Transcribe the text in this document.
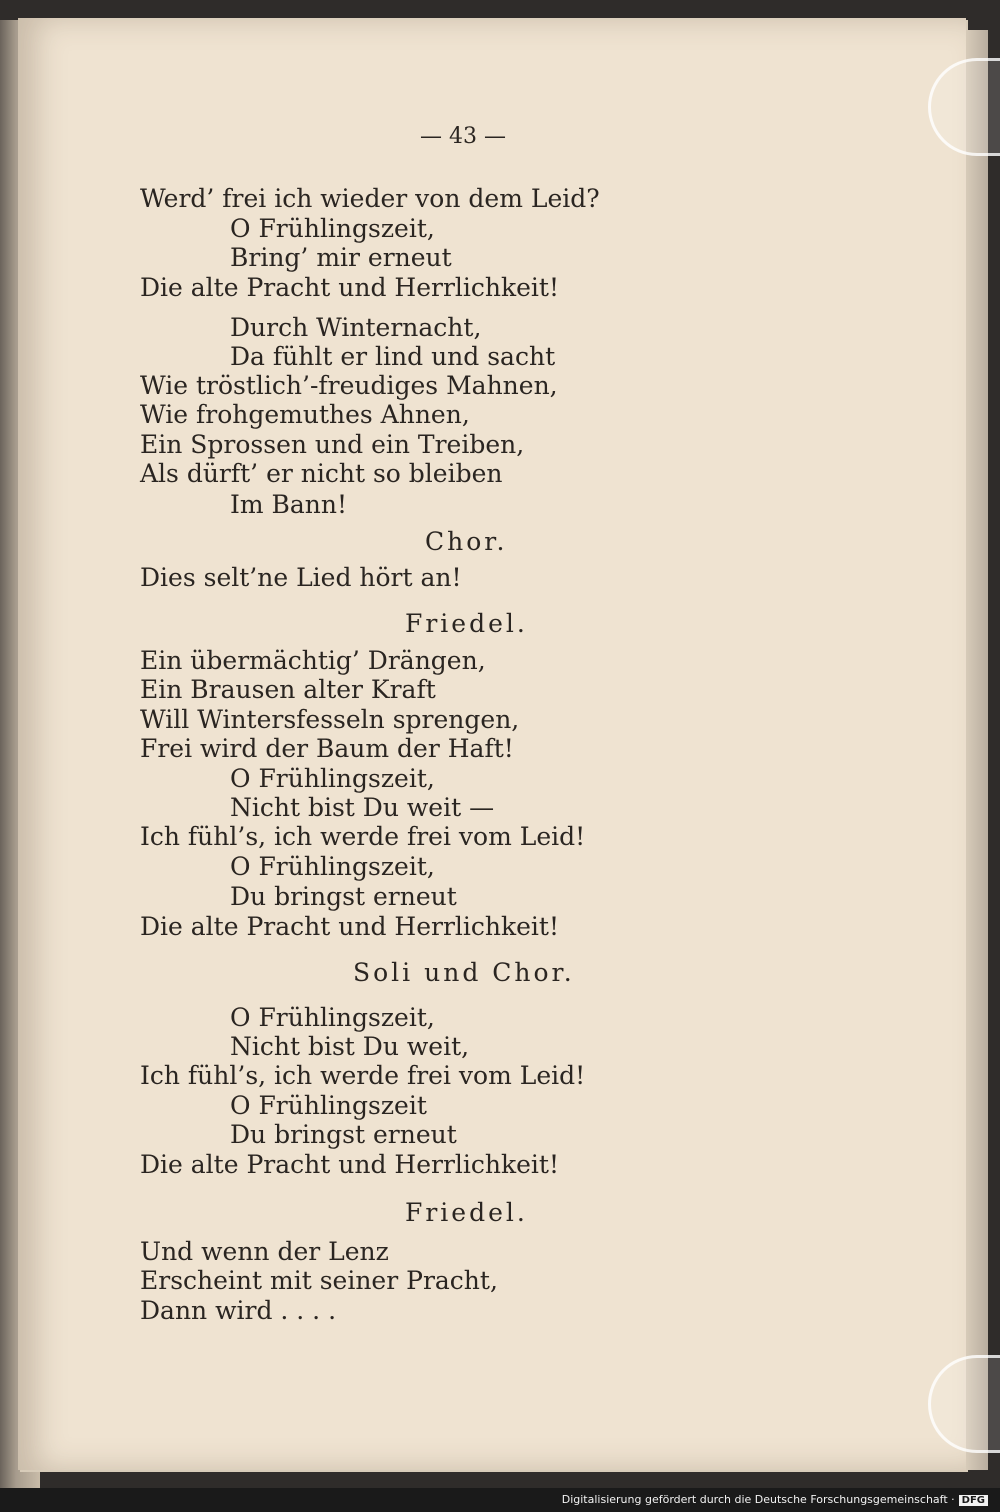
— 43 —
Werd’ frei ich wieder von dem Leid?
O Frühlingszeit,
Bring’ mir erneut
Die alte Pracht und Herrlichkeit!
Durch Winternacht,
Da fühlt er lind und sacht
Wie tröstlich’-freudiges Mahnen,
Wie frohgemuthes Ahnen,
Ein Sprossen und ein Treiben,
Als dürft’ er nicht so bleiben
Im Bann!
Chor.
Dies selt’ne Lied hört an!
Friedel.
Ein übermächtig’ Drängen,
Ein Brausen alter Kraft
Will Wintersfesseln sprengen,
Frei wird der Baum der Haft!
O Frühlingszeit,
Nicht bist Du weit —
Ich fühl’s, ich werde frei vom Leid!
O Frühlingszeit,
Du bringst erneut
Die alte Pracht und Herrlichkeit!
Soli und Chor.
O Frühlingszeit,
Nicht bist Du weit,
Ich fühl’s, ich werde frei vom Leid!
O Frühlingszeit
Du bringst erneut
Die alte Pracht und Herrlichkeit!
Friedel.
Und wenn der Lenz
Erscheint mit seiner Pracht,
Dann wird . . . .
Digitalisierung gefördert durch die Deutsche Forschungsgemeinschaft · DFG
